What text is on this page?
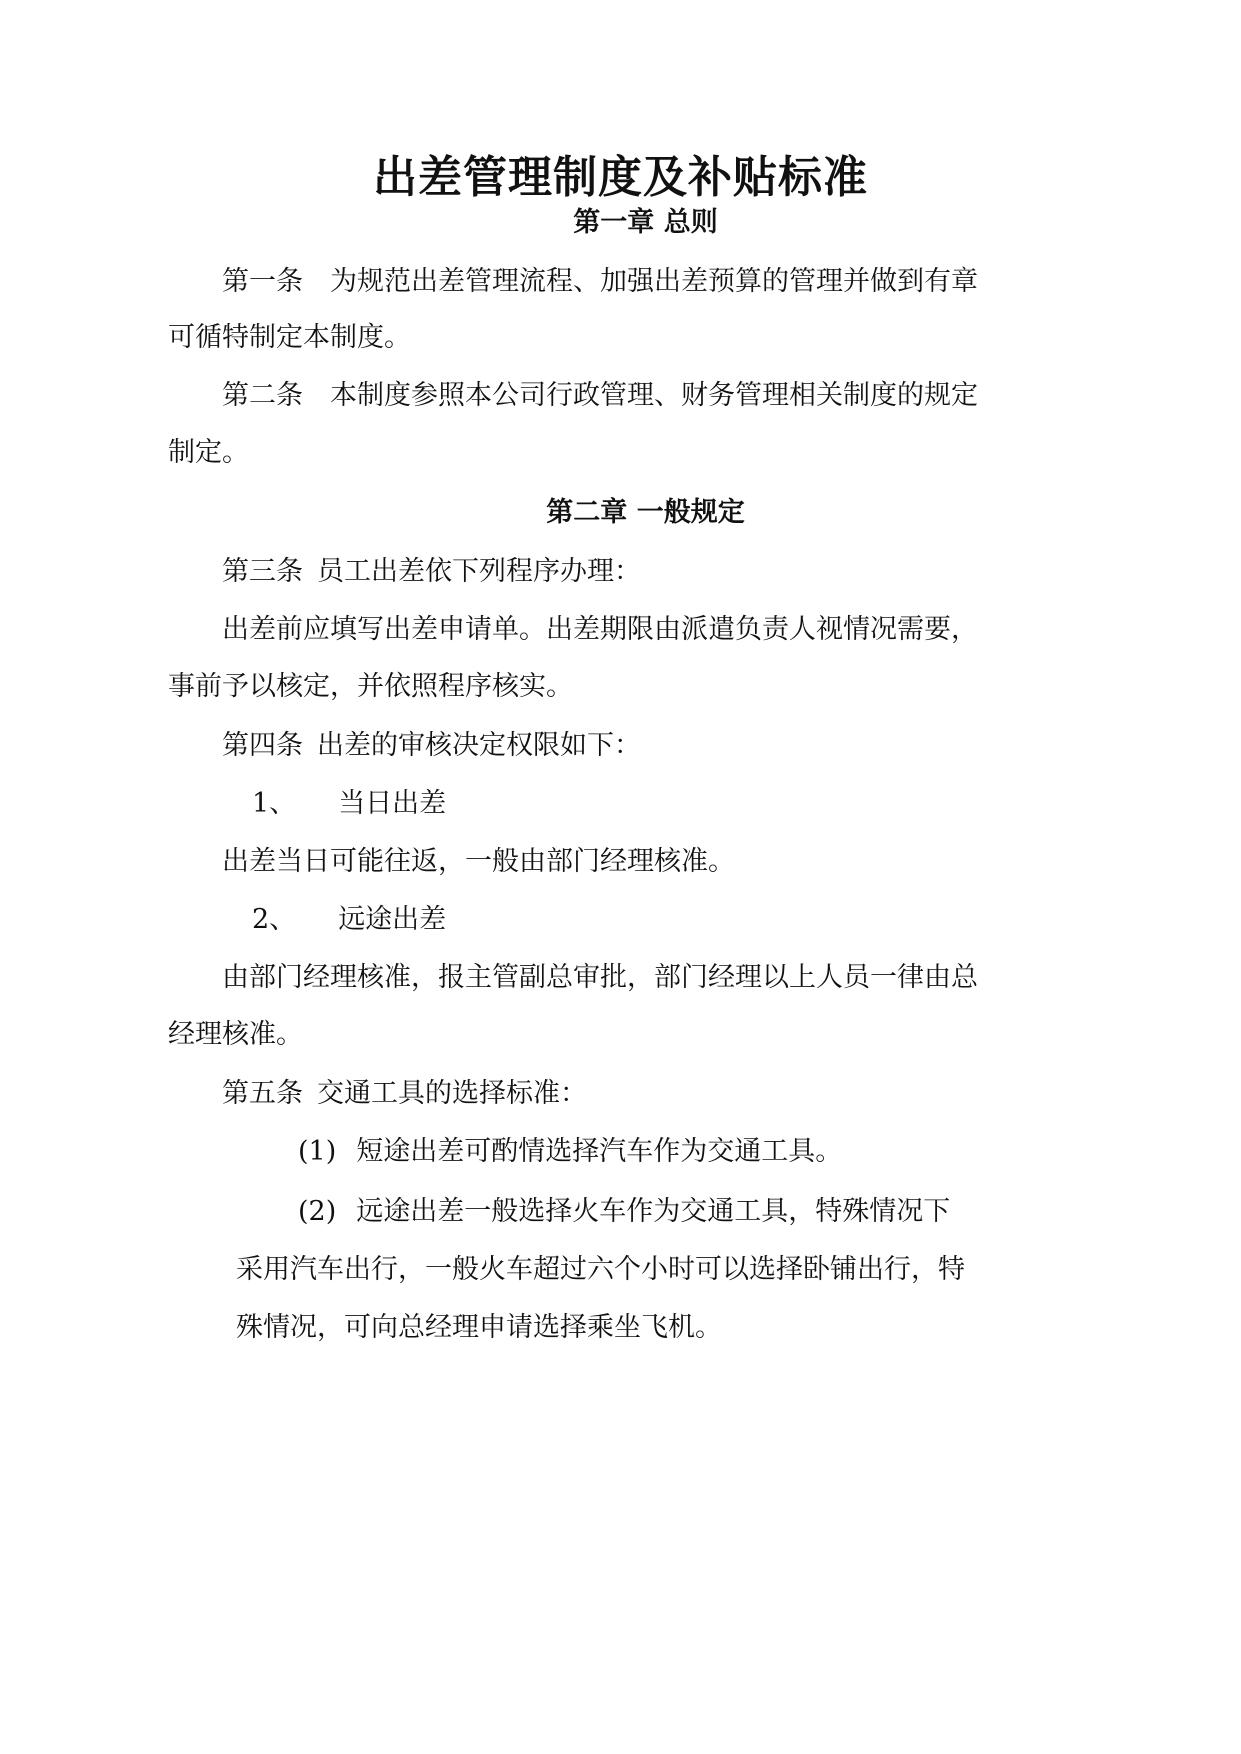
出差管理制度及补贴标准
第一章 总则

第一条 为规范出差管理流程、加强出差预算的管理并做到有章

可循特制定本制度。

第二条 本制度参照本公司行政管理、财务管理相关制度的规定

制定。

第二章 一般规定

第三条 员工出差依下列程序办理：

出差前应填写出差申请单。出差期限由派遣负责人视情况需要，

事前予以核定，并依照程序核实。

第四条 出差的审核决定权限如下：

1、 当日出差

出差当日可能往返，一般由部门经理核准。

2、 远途出差

由部门经理核准，报主管副总审批，部门经理以上人员一律由总

经理核准。

第五条 交通工具的选择标准：

(1) 短途出差可酌情选择汽车作为交通工具。

(2) 远途出差一般选择火车作为交通工具，特殊情况下

采用汽车出行，一般火车超过六个小时可以选择卧铺出行，特

殊情况，可向总经理申请选择乘坐飞机。
